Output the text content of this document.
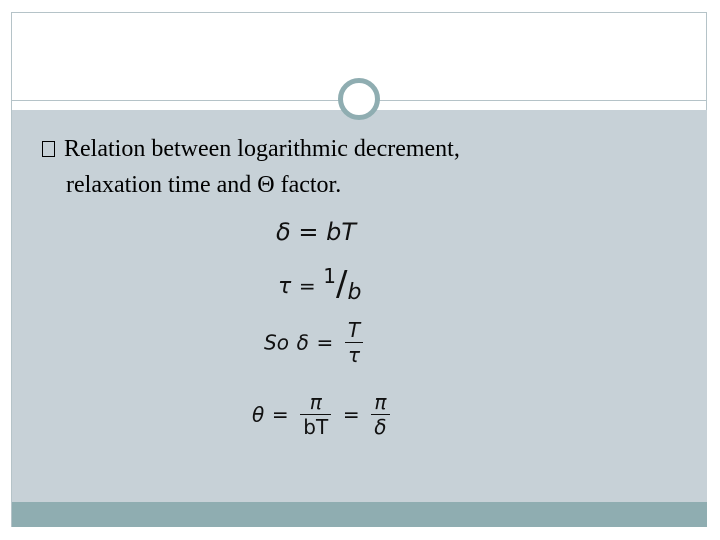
Relation between logarithmic decrement,
relaxation time and Θ factor.
δ = bT
$\tau = ^1/_b$
So $\delta = \frac{T}{\tau}$
$\theta = \frac{\pi}{bT} = \frac{\pi}{\delta}$
